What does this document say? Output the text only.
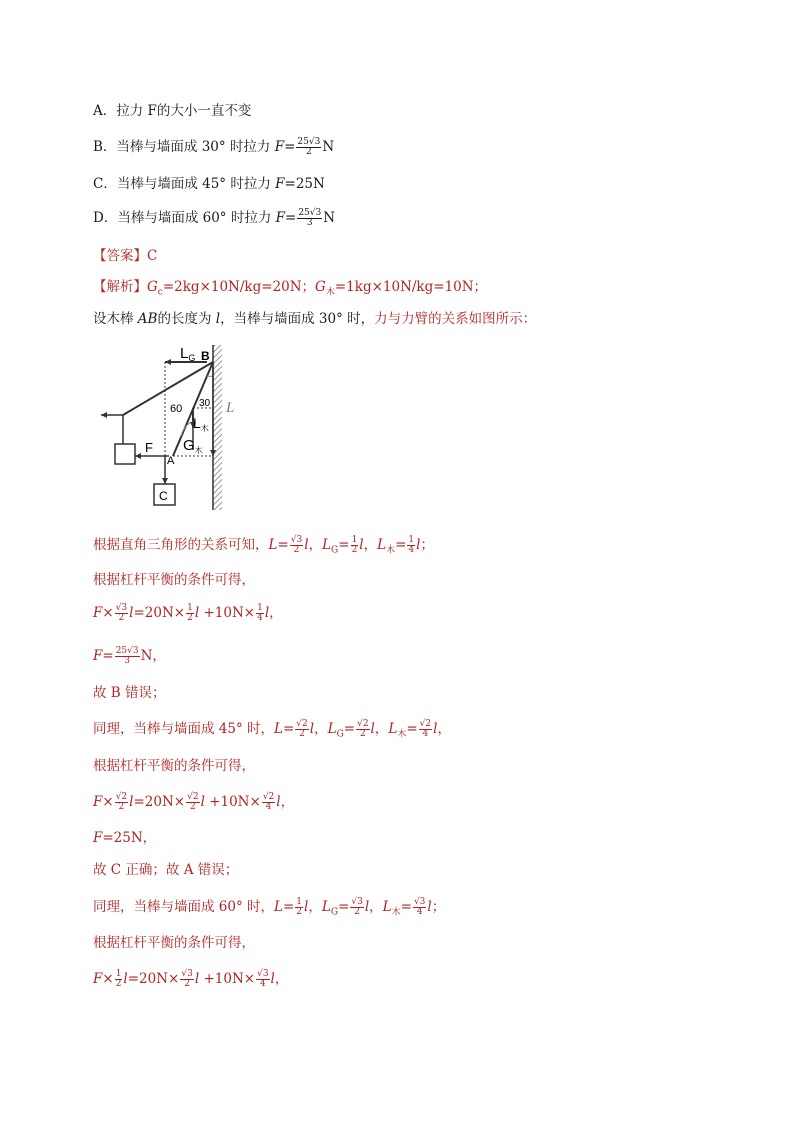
A．拉力 F的大小一直不变
B．当棒与墙面成 30° 时拉力 $F= \frac{25√3}{2}$ N
C．当棒与墙面成 45° 时拉力 F=25N
D．当棒与墙面成 60° 时拉力 $F= \frac{25√3}{3}$ N
【答案】C
【解析】$G_c=2kg\times 10N/kg=20N$；$G_木=1kg\times 10N/kg=10N$；
设木棒 AB的长度为 l，当棒与墙面成 30° 时，力与力臂的关系如图所示：
$L_G$ B
60 30 L
$L_木$
$G_木$
F
A
C
根据直角三角形的关系可知，$L= \frac{√3}{2}$ l，$L_G= \frac{1}{2}$ l，$L_木= \frac{1}{4}$ l；
根据杠杆平衡的条件可得，
$F\times \frac{√3}{2} l=20N\times \frac{1}{2}$ $l +10N\times \frac{1}{4}$ l，
$F= \frac{25√3}{3}$ N，
故 B 错误；
同理，当棒与墙面成 45° 时，$L= \frac{√2}{2}$ l，$L_G= \frac{√2}{2}$ l，$L_木= \frac{√2}{4}$ l，
根据杠杆平衡的条件可得，
$F\times \frac{√2}{2} l=20N\times \frac{√2}{2}$ $l +10N\times \frac{√2}{4}$ l，
F=25N，
故 C 正确；故 A 错误；
同理，当棒与墙面成 60° 时，$L= \frac{1}{2}$ l，$L_G= \frac{√3}{2}$ l，$L_木= \frac{√3}{4}$ l；
根据杠杆平衡的条件可得，
$F\times \frac{1}{2} l=20N\times \frac{√3}{2}$ $l +10N\times \frac{√3}{4}$ l，
